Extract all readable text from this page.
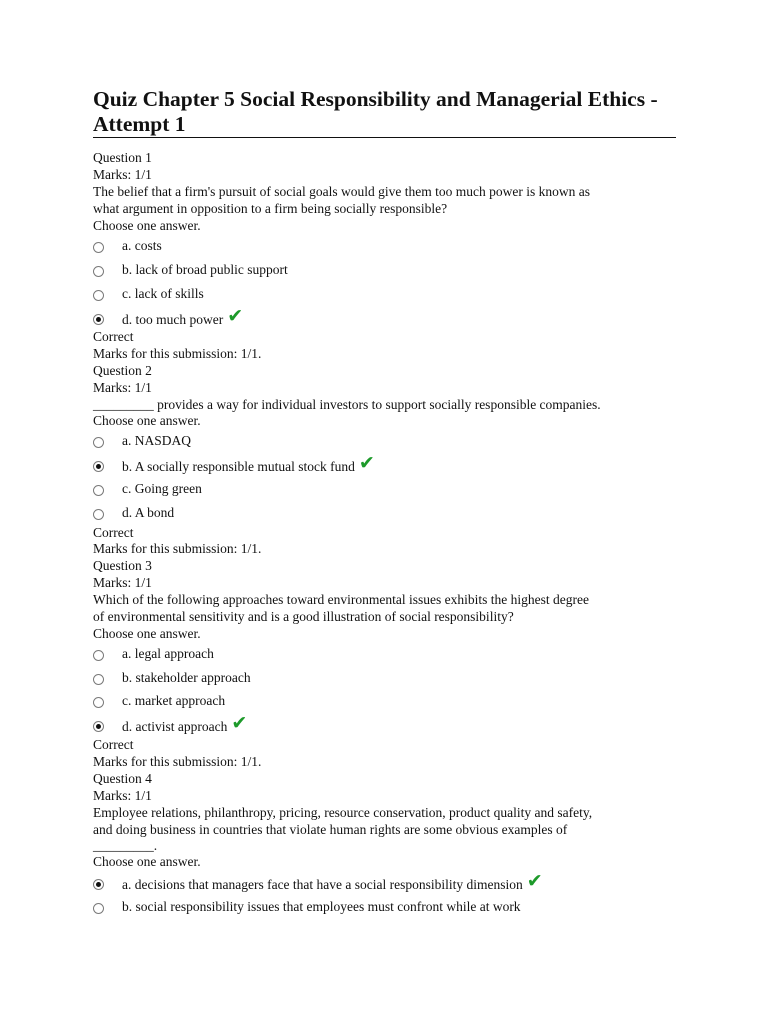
Quiz Chapter 5 Social Responsibility and Managerial Ethics - Attempt 1
Question 1
Marks: 1/1
The belief that a firm's pursuit of social goals would give them too much power is known as
what argument in opposition to a firm being socially responsible?
Choose one answer.
a. costs
b. lack of broad public support
c. lack of skills
d. too much power ✔
Correct
Marks for this submission: 1/1.
Question 2
Marks: 1/1
_________ provides a way for individual investors to support socially responsible companies.
Choose one answer.
a. NASDAQ
b. A socially responsible mutual stock fund ✔
c. Going green
d. A bond
Correct
Marks for this submission: 1/1.
Question 3
Marks: 1/1
Which of the following approaches toward environmental issues exhibits the highest degree
of environmental sensitivity and is a good illustration of social responsibility?
Choose one answer.
a. legal approach
b. stakeholder approach
c. market approach
d. activist approach ✔
Correct
Marks for this submission: 1/1.
Question 4
Marks: 1/1
Employee relations, philanthropy, pricing, resource conservation, product quality and safety,
and doing business in countries that violate human rights are some obvious examples of
_________.
Choose one answer.
a. decisions that managers face that have a social responsibility dimension ✔
b. social responsibility issues that employees must confront while at work
